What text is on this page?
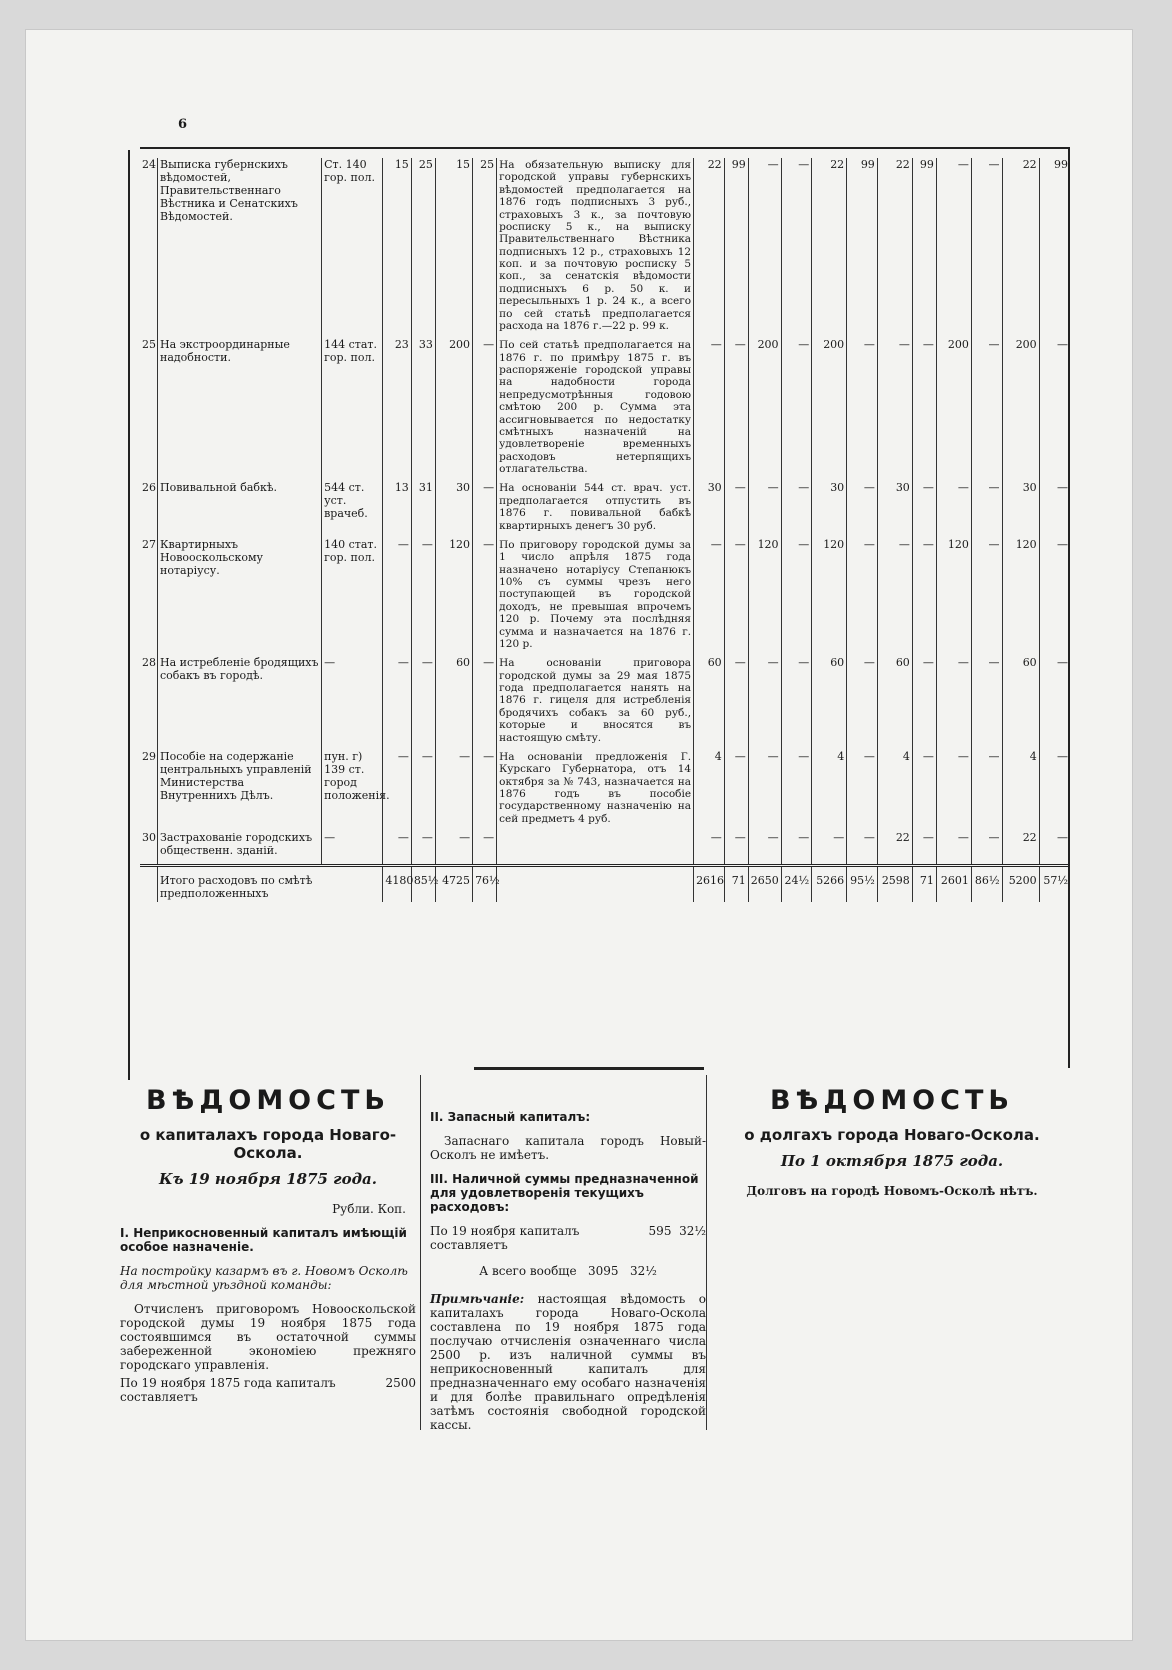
6
24	Выписка губернскихъ вѣдомостей, Правительственнаго Вѣстника и Сенатскихъ Вѣдомостей.	Ст. 140 гор. пол.	15	25	15	25	На обязательную выписку для городской управы губернскихъ вѣдомостей предполагается на 1876 годъ подписныхъ 3 руб., страховыхъ 3 к., за почтовую роспиcку 5 к., на выписку Правительственнаго Вѣстника подписныхъ 12 р., страховыхъ 12 коп. и за почтовую роспиcку 5 коп., за сенатскія вѣдомости подписныхъ 6 р. 50 к. и пересыльныхъ 1 р. 24 к., а всего по сей статьѣ предполагается расхода на 1876 г.—22 р. 99 к.	22	99	—	—	22	99	22	99	—	—	22	99
25	На экстроординарные надобности.	144 стат. гор. пол.	23	33	200	—	По сей статьѣ предполагается на 1876 г. по примѣру 1875 г. въ распоряженіе городской управы на надобности города непредусмотрѣнныя годовою смѣтою 200 р. Сумма эта ассигновывается по недостатку смѣтныхъ назначеній на удовлетвореніе временныхъ расходовъ нетерпящихъ отлагательства.	—	—	200	—	200	—	—	—	200	—	200	—
26	Повивальной бабкѣ.	544 ст. уст. врачеб.	13	31	30	—	На основаніи 544 ст. врач. уст. предполагается отпустить въ 1876 г. повивальной бабкѣ квартирныхъ денегъ 30 руб.	30	—	—	—	30	—	30	—	—	—	30	—
27	Квартирныхъ Новооскольскому нотаріусу.	140 стат. гор. пол.	—	—	120	—	По приговору городской думы за 1 число апрѣля 1875 года назначено нотаріусу Степанюкъ 10% съ суммы чрезъ него поступающей въ городской доходъ, не превышая впрочемъ 120 р. Почему эта послѣдняя сумма и назначается на 1876 г. 120 р.	—	—	120	—	120	—	—	—	120	—	120	—
28	На истребленіе бродящихъ собакъ въ городѣ.	—	—	—	60	—	На основаніи приговора городской думы за 29 мая 1875 года предполагается нанять на 1876 г. гицеля для истребленія бродячихъ собакъ за 60 руб., которые и вносятся въ настоящую смѣту.	60	—	—	—	60	—	60	—	—	—	60	—
29	Пособіе на содержаніе центральныхъ управленій Министерства Внутреннихъ Дѣлъ.	пун. г) 139 ст. город положенія.	—	—	—	—	На основаніи предложенія Г. Курскаго Губернатора, отъ 14 октября за № 743, назначается на 1876 годъ въ пособіе государственному назначенію на сей предметъ 4 руб.	4	—	—	—	4	—	4	—	—	—	4	—
30	Застрахованіе городскихъ общественн. зданій.	—	—	—	—	—		—	—	—	—	—	—	22	—	—	—	22	—
	Итого расходовъ по смѣтѣ предположенныхъ		4180	85½	4725	76½		2616	71	2650	24½	5266	95½	2598	71	2601	86½	5200	57½
ВѢДОМОСТЬ
о капиталахъ города Новаго-Оскола.
Къ 19 ноября 1875 года.
Рубли. Коп.
I. Неприкосновенный капиталъ имѣющій особое назначеніе.
На постройку казармъ въ г. Новомъ Осколѣ для мѣстной уѣздной команды:
Отчисленъ приговоромъ Новооскольской городской думы 19 ноября 1875 года состоявшимся въ остаточной суммы забереженной экономіею прежняго городскаго управленія.
По 19 ноября 1875 года капиталъ составляетъ
2500
II. Запасный капиталъ:
Запаснаго капитала городъ Новый-Осколъ не имѣетъ.
III. Наличной суммы предназначенной для удовлетворенія текущихъ расходовъ:
По 19 ноября капиталъ составляетъ
595 32½
А всего вообще 3095 32½
Примѣчаніе: настоящая вѣдомость о капиталахъ города Новаго-Оскола составлена по 19 ноября 1875 года послучаю отчисленія означеннаго числа 2500 р. изъ наличной суммы въ неприкосновенный капиталъ для предназначеннаго ему особаго назначенія и для болѣе правильнаго опредѣленія затѣмъ состоянія свободной городской кассы.
ВѢДОМОСТЬ
о долгахъ города Новаго-Оскола.
По 1 октября 1875 года.
Долговъ на городѣ Новомъ-Осколѣ нѣтъ.
